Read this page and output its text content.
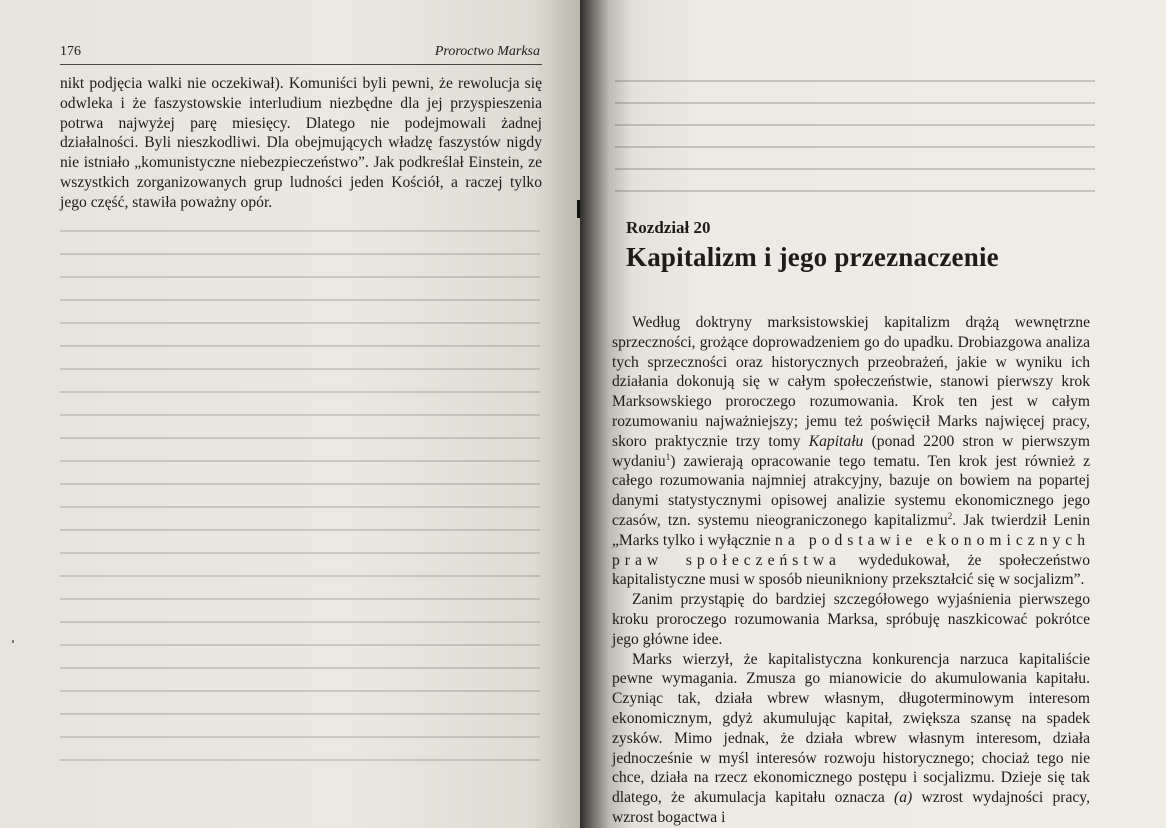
176	Proroctwo Marksa

nikt podjęcia walki nie oczekiwał). Komuniści byli pewni, że rewolucja się odwleka i że faszystowskie interludium niezbędne dla jej przyspieszenia potrwa najwyżej parę miesięcy. Dlatego nie podejmowali żadnej działalności. Byli nieszkodliwi. Dla obejmujących władzę faszystów nigdy nie istniało „komunistyczne niebezpieczeństwo”. Jak podkreślał Einstein, ze wszystkich zorganizowanych grup ludności jeden Kościół, a raczej tylko jego część, stawiła poważny opór.

Rozdział 20
Kapitalizm i jego przeznaczenie

Według doktryny marksistowskiej kapitalizm drążą wewnętrzne sprzeczności, grożące doprowadzeniem go do upadku. Drobiazgowa analiza tych sprzeczności oraz historycznych przeobrażeń, jakie w wyniku ich działania dokonują się w całym społeczeństwie, stanowi pierwszy krok Marksowskiego proroczego rozumowania. Krok ten jest w całym rozumowaniu najważniejszy; jemu też poświęcił Marks najwięcej pracy, skoro praktycznie trzy tomy Kapitału (ponad 2200 stron w pierwszym wydaniu$^1$) zawierają opracowanie tego tematu. Ten krok jest również z całego rozumowania najmniej atrakcyjny, bazuje on bowiem na popartej danymi statystycznymi opisowej analizie systemu ekonomicznego jego czasów, tzn. systemu nieograniczonego kapitalizmu$^2$. Jak twierdził Lenin „Marks tylko i wyłącznie na podstawie ekonomicznych praw społeczeństwa wydedukował, że społeczeństwo kapitalistyczne musi w sposób nieunikniony przekształcić się w socjalizm”.

Zanim przystąpię do bardziej szczegółowego wyjaśnienia pierwszego kroku proroczego rozumowania Marksa, spróbuję naszkicować pokrótce jego główne idee.

Marks wierzył, że kapitalistyczna konkurencja narzuca kapitaliście pewne wymagania. Zmusza go mianowicie do akumulowania kapitału. Czyniąc tak, działa wbrew własnym, długoterminowym interesom ekonomicznym, gdyż akumulując kapitał, zwiększa szansę na spadek zysków. Mimo jednak, że działa wbrew własnym interesom, działa jednocześnie w myśl interesów rozwoju historycznego; chociaż tego nie chce, działa na rzecz ekonomicznego postępu i socjalizmu. Dzieje się tak dlatego, że akumulacja kapitału oznacza (a) wzrost wydajności pracy, wzrost bogactwa i
